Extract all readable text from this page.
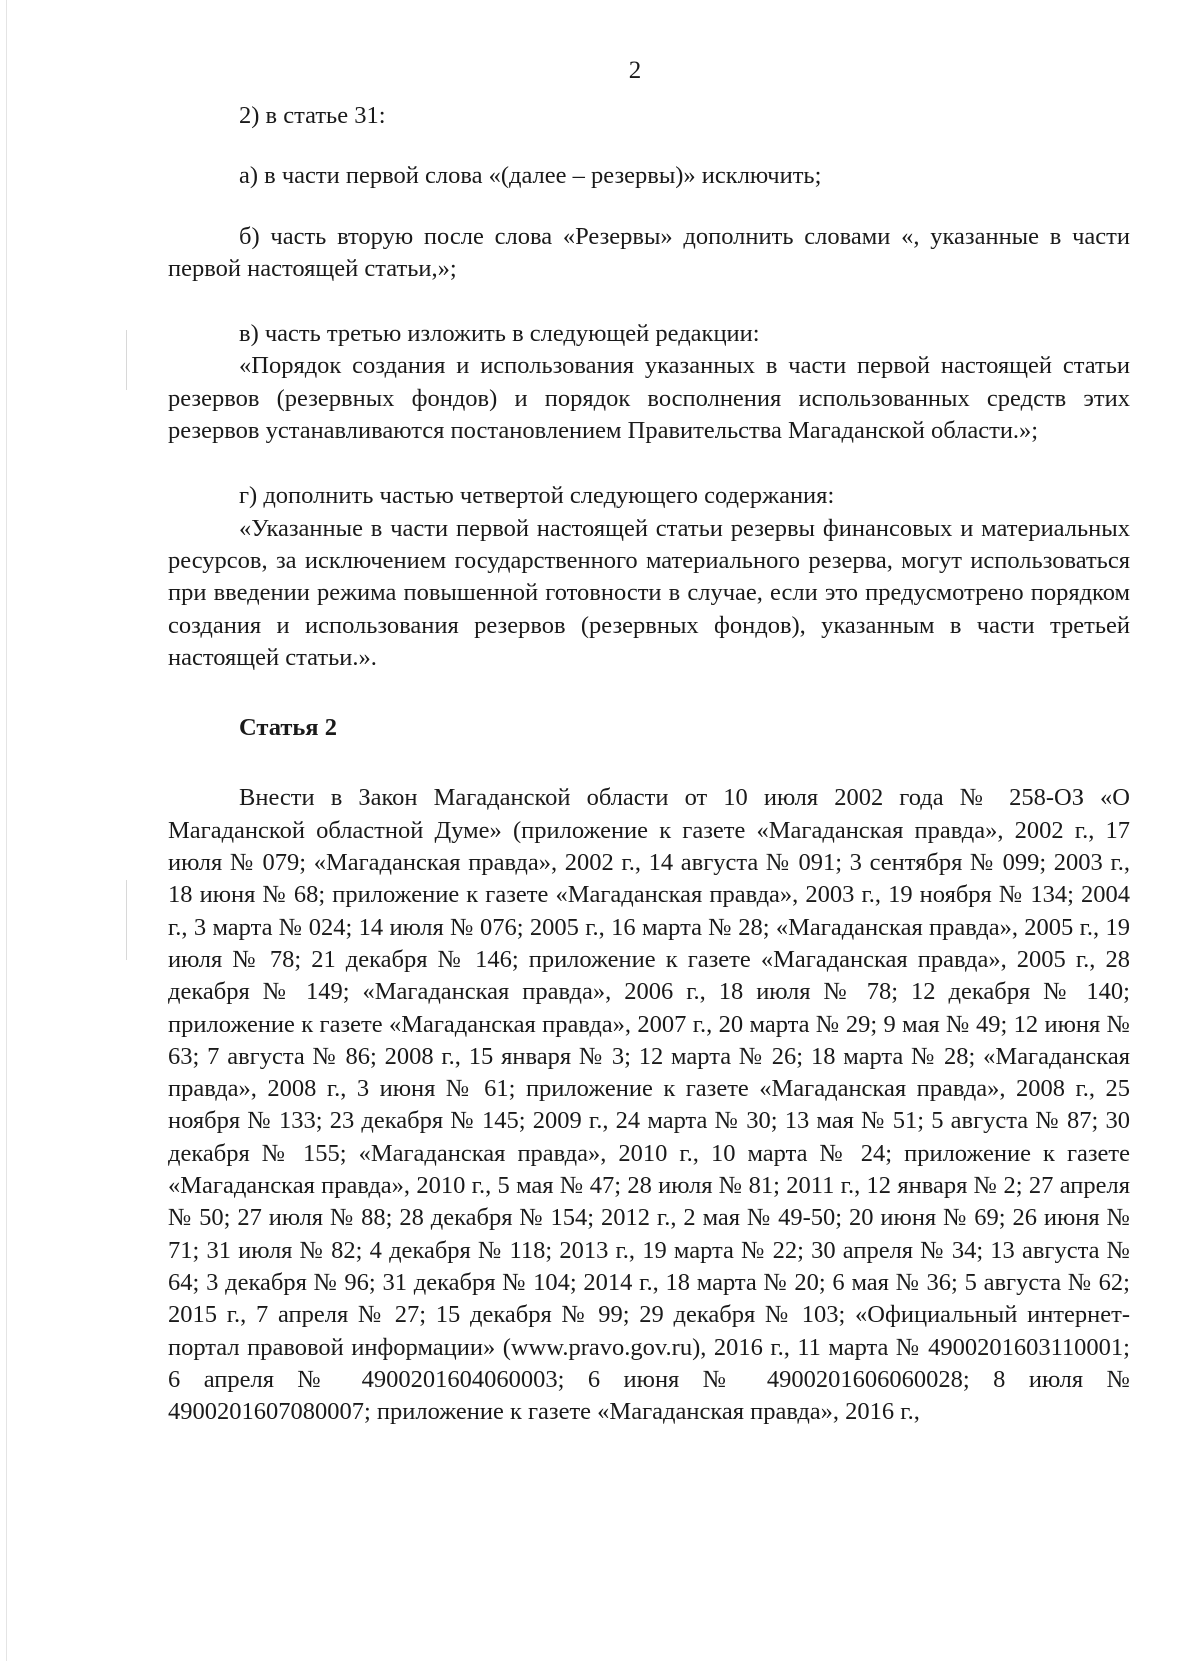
2

2) в статье 31:

а) в части первой слова «(далее – резервы)» исключить;

б) часть вторую после слова «Резервы» дополнить словами «, указанные в части первой настоящей статьи,»;

в) часть третью изложить в следующей редакции:

«Порядок создания и использования указанных в части первой настоящей статьи резервов (резервных фондов) и порядок восполнения использованных средств этих резервов устанавливаются постановлением Правительства Магаданской области.»;

г) дополнить частью четвертой следующего содержания:

«Указанные в части первой настоящей статьи резервы финансовых и материальных ресурсов, за исключением государственного материального резерва, могут использоваться при введении режима повышенной готовности в случае, если это предусмотрено порядком создания и использования резервов (резервных фондов), указанным в части третьей настоящей статьи.».

Статья 2

Внести в Закон Магаданской области от 10 июля 2002 года № 258-ОЗ «О Магаданской областной Думе» (приложение к газете «Магаданская правда», 2002 г., 17 июля № 079; «Магаданская правда», 2002 г., 14 августа № 091; 3 сентября № 099; 2003 г., 18 июня № 68; приложение к газете «Магаданская правда», 2003 г., 19 ноября № 134; 2004 г., 3 марта № 024; 14 июля № 076; 2005 г., 16 марта № 28; «Магаданская правда», 2005 г., 19 июля № 78; 21 декабря № 146; приложение к газете «Магаданская правда», 2005 г., 28 декабря № 149; «Магаданская правда», 2006 г., 18 июля № 78; 12 декабря № 140; приложение к газете «Магаданская правда», 2007 г., 20 марта № 29; 9 мая № 49; 12 июня № 63; 7 августа № 86; 2008 г., 15 января № 3; 12 марта № 26; 18 марта № 28; «Магаданская правда», 2008 г., 3 июня № 61; приложение к газете «Магаданская правда», 2008 г., 25 ноября № 133; 23 декабря № 145; 2009 г., 24 марта № 30; 13 мая № 51; 5 августа № 87; 30 декабря № 155; «Магаданская правда», 2010 г., 10 марта № 24; приложение к газете «Магаданская правда», 2010 г., 5 мая № 47; 28 июля № 81; 2011 г., 12 января № 2; 27 апреля № 50; 27 июля № 88; 28 декабря № 154; 2012 г., 2 мая № 49-50; 20 июня № 69; 26 июня № 71; 31 июля № 82; 4 декабря № 118; 2013 г., 19 марта № 22; 30 апреля № 34; 13 августа № 64; 3 декабря № 96; 31 декабря № 104; 2014 г., 18 марта № 20; 6 мая № 36; 5 августа № 62; 2015 г., 7 апреля № 27; 15 декабря № 99; 29 декабря № 103; «Официальный интернет-портал правовой информации» (www.pravo.gov.ru), 2016 г., 11 марта № 4900201603110001; 6 апреля № 4900201604060003; 6 июня № 4900201606060028; 8 июля № 4900201607080007; приложение к газете «Магаданская правда», 2016 г.,
